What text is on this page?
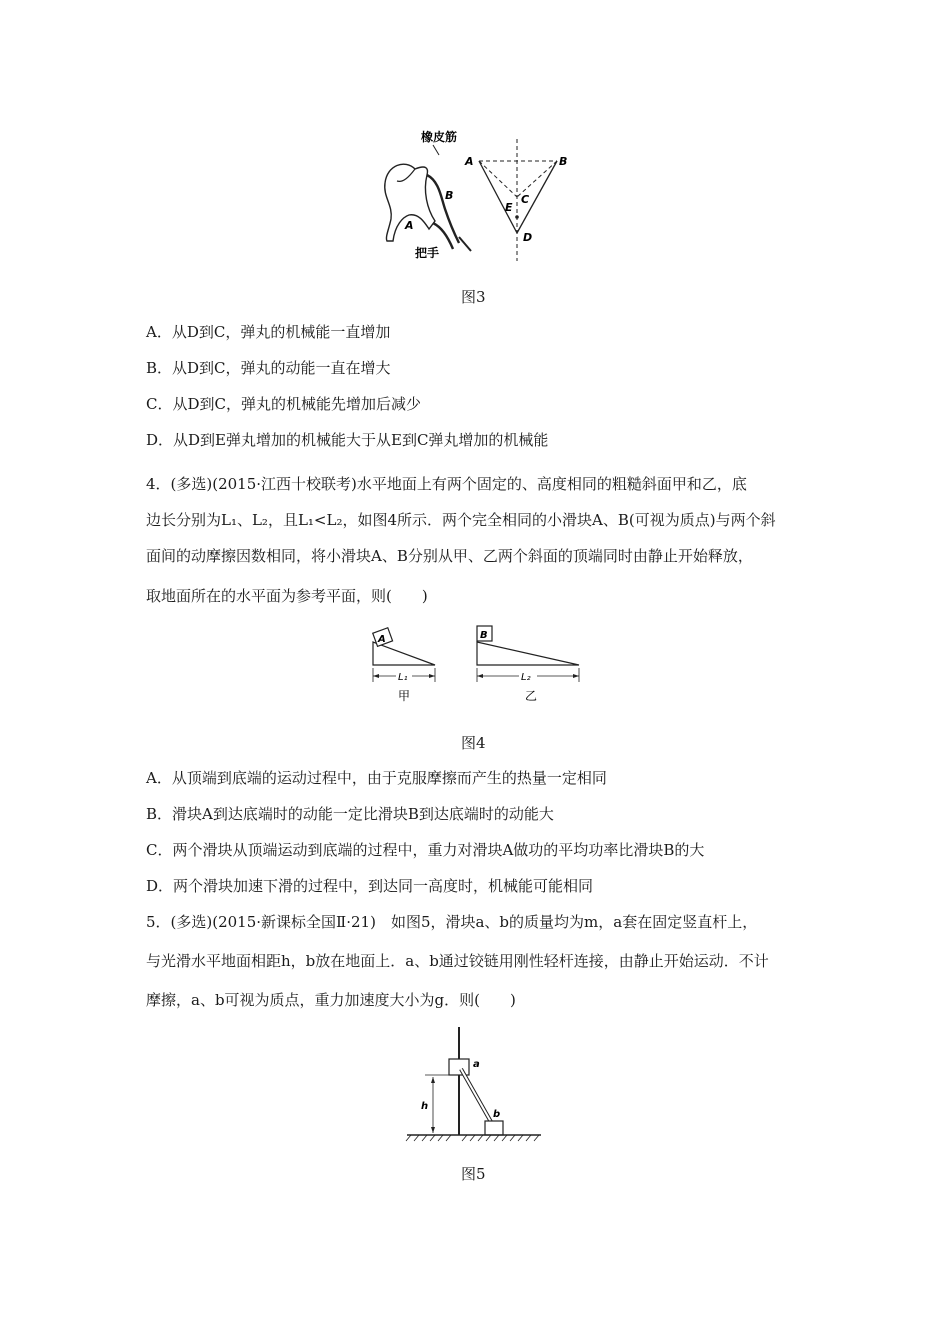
橡皮筋
把手
A
B
A	B
C
E
D
图3
A．从D到C，弹丸的机械能一直增加
B．从D到C，弹丸的动能一直在增大
C．从D到C，弹丸的机械能先增加后减少
D．从D到E弹丸增加的机械能大于从E到C弹丸增加的机械能
4．(多选)(2015·江西十校联考)水平地面上有两个固定的、高度相同的粗糙斜面甲和乙，底
边长分别为L₁、L₂，且L₁<L₂，如图4所示．两个完全相同的小滑块A、B(可视为质点)与两个斜
面间的动摩擦因数相同，将小滑块A、B分别从甲、乙两个斜面的顶端同时由静止开始释放，
取地面所在的水平面为参考平面，则(　　)
A
L₁
甲
B
L₂
乙
图4
A．从顶端到底端的运动过程中，由于克服摩擦而产生的热量一定相同
B．滑块A到达底端时的动能一定比滑块B到达底端时的动能大
C．两个滑块从顶端运动到底端的过程中，重力对滑块A做功的平均功率比滑块B的大
D．两个滑块加速下滑的过程中，到达同一高度时，机械能可能相同
5．(多选)(2015·新课标全国Ⅱ·21)　如图5，滑块a、b的质量均为m，a套在固定竖直杆上，
与光滑水平地面相距h，b放在地面上．a、b通过铰链用刚性轻杆连接，由静止开始运动．不计
摩擦，a、b可视为质点，重力加速度大小为g．则(　　)
a
b
h
图5
